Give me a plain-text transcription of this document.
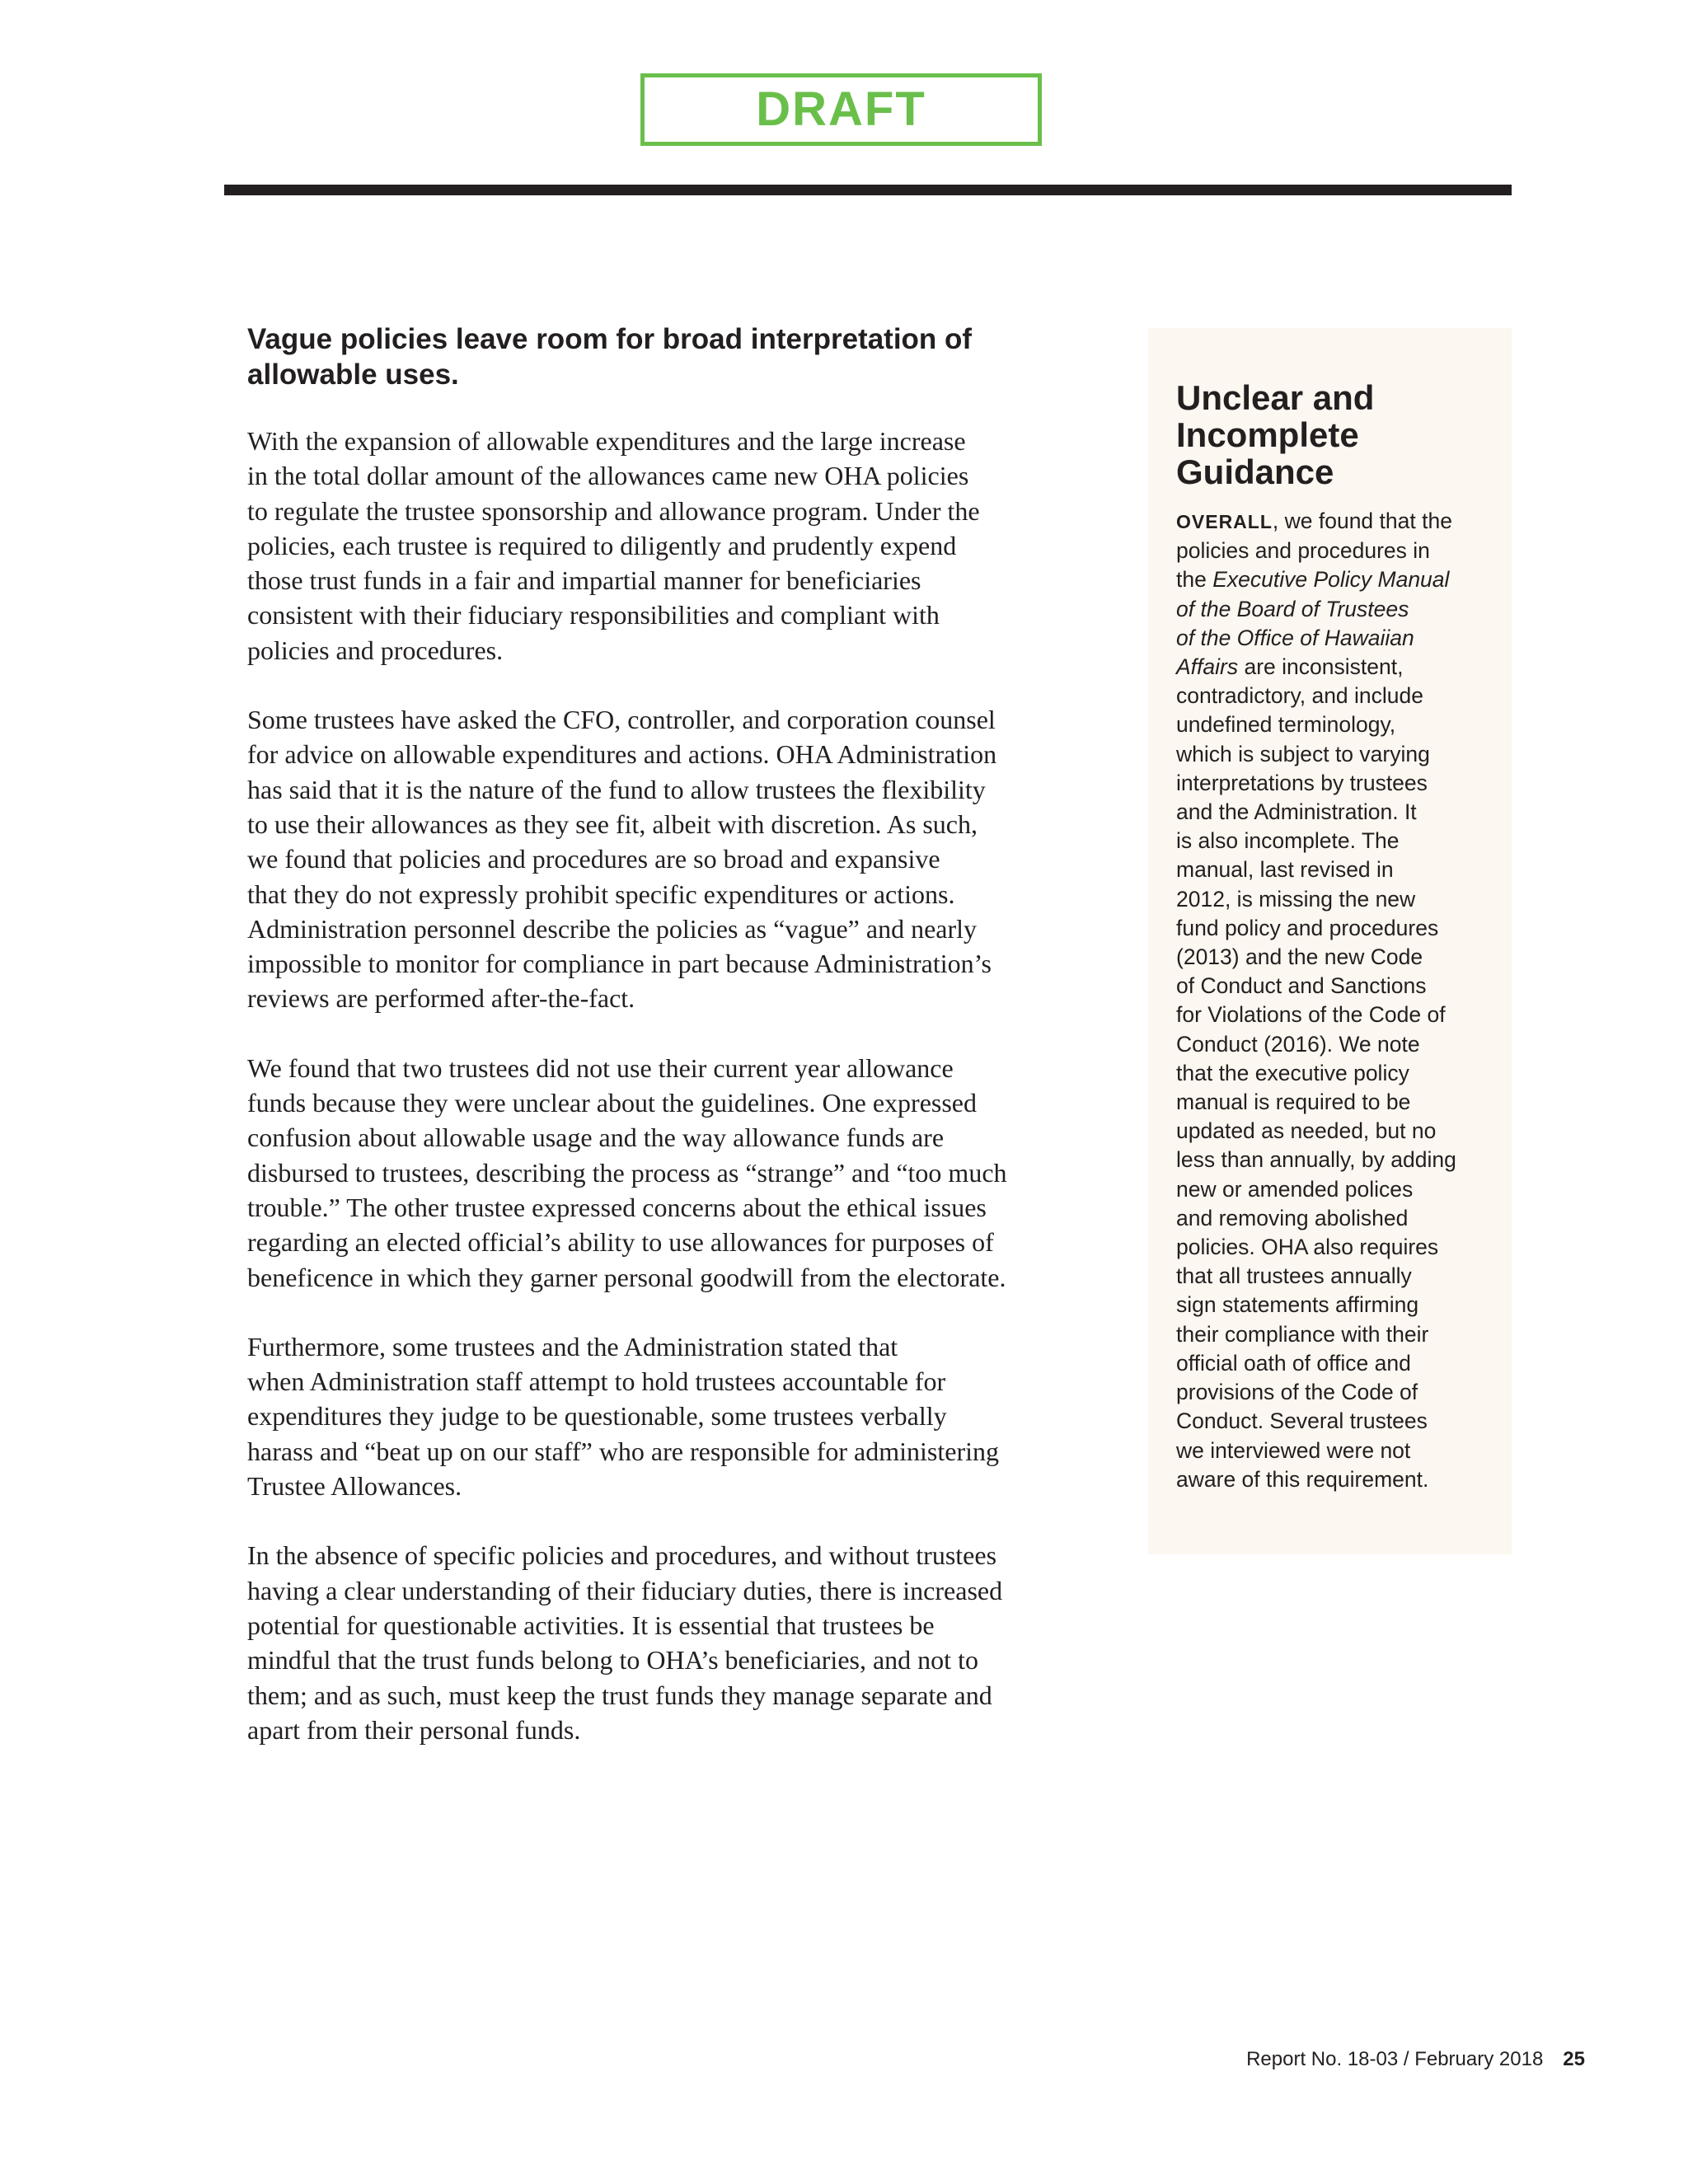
DRAFT
Vague policies leave room for broad interpretation of allowable uses.

With the expansion of allowable expenditures and the large increase
in the total dollar amount of the allowances came new OHA policies
to regulate the trustee sponsorship and allowance program. Under the
policies, each trustee is required to diligently and prudently expend
those trust funds in a fair and impartial manner for beneficiaries
consistent with their fiduciary responsibilities and compliant with
policies and procedures.

Some trustees have asked the CFO, controller, and corporation counsel
for advice on allowable expenditures and actions. OHA Administration
has said that it is the nature of the fund to allow trustees the flexibility
to use their allowances as they see fit, albeit with discretion. As such,
we found that policies and procedures are so broad and expansive
that they do not expressly prohibit specific expenditures or actions.
Administration personnel describe the policies as “vague” and nearly
impossible to monitor for compliance in part because Administration’s
reviews are performed after-the-fact.

We found that two trustees did not use their current year allowance
funds because they were unclear about the guidelines. One expressed
confusion about allowable usage and the way allowance funds are
disbursed to trustees, describing the process as “strange” and “too much
trouble.” The other trustee expressed concerns about the ethical issues
regarding an elected official’s ability to use allowances for purposes of
beneficence in which they garner personal goodwill from the electorate.

Furthermore, some trustees and the Administration stated that
when Administration staff attempt to hold trustees accountable for
expenditures they judge to be questionable, some trustees verbally
harass and “beat up on our staff” who are responsible for administering
Trustee Allowances.

In the absence of specific policies and procedures, and without trustees
having a clear understanding of their fiduciary duties, there is increased
potential for questionable activities. It is essential that trustees be
mindful that the trust funds belong to OHA’s beneficiaries, and not to
them; and as such, must keep the trust funds they manage separate and
apart from their personal funds.

Unclear and
Incomplete
Guidance
OVERALL, we found that the
policies and procedures in
the Executive Policy Manual
of the Board of Trustees
of the Office of Hawaiian
Affairs are inconsistent,
contradictory, and include
undefined terminology,
which is subject to varying
interpretations by trustees
and the Administration. It
is also incomplete. The
manual, last revised in
2012, is missing the new
fund policy and procedures
(2013) and the new Code
of Conduct and Sanctions
for Violations of the Code of
Conduct (2016). We note
that the executive policy
manual is required to be
updated as needed, but no
less than annually, by adding
new or amended polices
and removing abolished
policies. OHA also requires
that all trustees annually
sign statements affirming
their compliance with their
official oath of office and
provisions of the Code of
Conduct. Several trustees
we interviewed were not
aware of this requirement.
Report No. 18-03 / February 2018 25
